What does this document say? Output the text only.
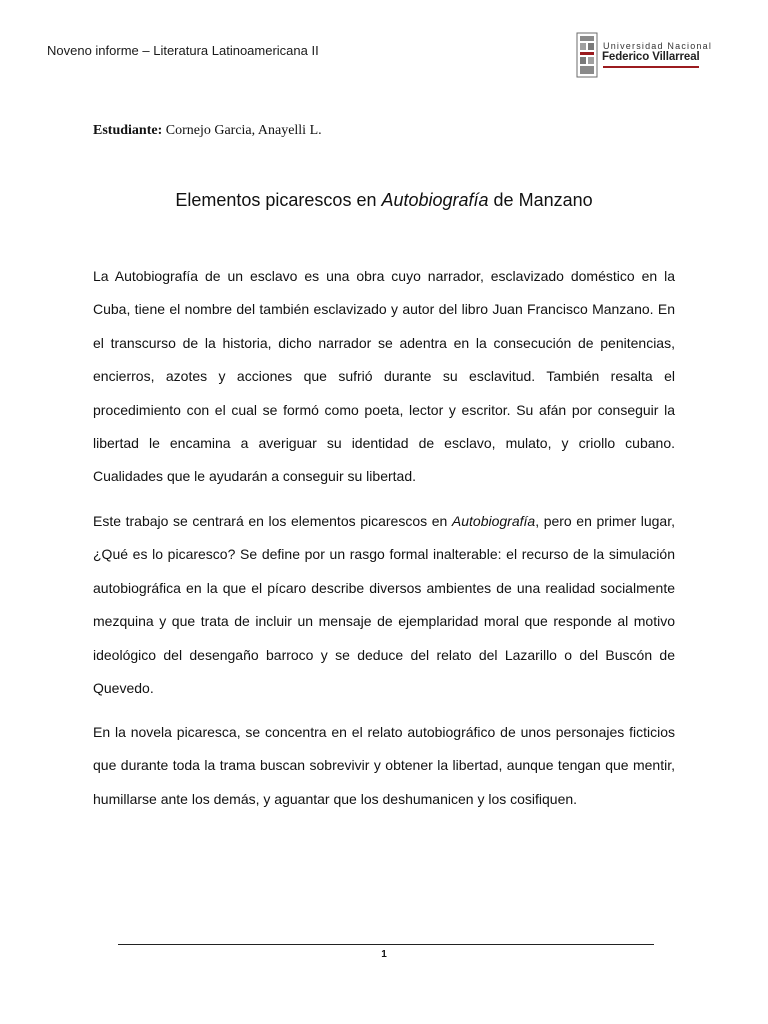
Noveno informe – Literatura Latinoamericana II	Universidad Nacional
Federico Villarreal
Estudiante: Cornejo Garcia, Anayelli L.
Elementos picarescos en Autobiografía de Manzano
La Autobiografía de un esclavo es una obra cuyo narrador, esclavizado doméstico en la Cuba, tiene el nombre del también esclavizado y autor del libro Juan Francisco Manzano. En el transcurso de la historia, dicho narrador se adentra en la consecución de penitencias, encierros, azotes y acciones que sufrió durante su esclavitud. También resalta el procedimiento con el cual se formó como poeta, lector y escritor. Su afán por conseguir la libertad le encamina a averiguar su identidad de esclavo, mulato, y criollo cubano. Cualidades que le ayudarán a conseguir su libertad.
Este trabajo se centrará en los elementos picarescos en Autobiografía, pero en primer lugar, ¿Qué es lo picaresco? Se define por un rasgo formal inalterable: el recurso de la simulación autobiográfica en la que el pícaro describe diversos ambientes de una realidad socialmente mezquina y que trata de incluir un mensaje de ejemplaridad moral que responde al motivo ideológico del desengaño barroco y se deduce del relato del Lazarillo o del Buscón de Quevedo.
En la novela picaresca, se concentra en el relato autobiográfico de unos personajes ficticios que durante toda la trama buscan sobrevivir y obtener la libertad, aunque tengan que mentir, humillarse ante los demás, y aguantar que los deshumanicen y los cosifiquen.
1
